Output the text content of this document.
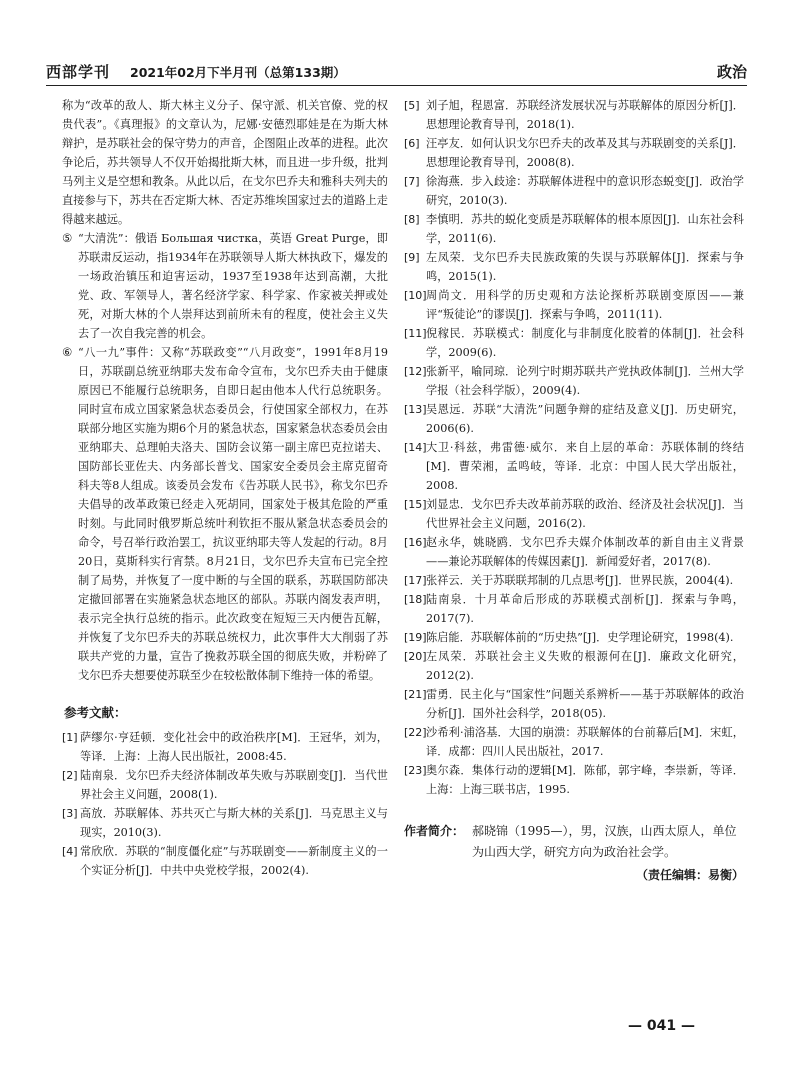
西部学刊 2021年02月下半月刊（总第133期）	政治

称为“改革的敌人、斯大林主义分子、保守派、机关官僚、党的权贵代表”。《真理报》的文章认为，尼娜·安德烈耶娃是在为斯大林辩护，是苏联社会的保守势力的声音，企图阻止改革的进程。此次争论后，苏共领导人不仅开始揭批斯大林，而且进一步升级，批判马列主义是空想和教条。从此以后，在戈尔巴乔夫和雅科夫列夫的直接参与下，苏共在否定斯大林、否定苏维埃国家过去的道路上走得越来越远。

⑤ “大清洗”：俄语 Большая чистка，英语 Great Purge，即苏联肃反运动，指1934年在苏联领导人斯大林执政下，爆发的一场政治镇压和迫害运动，1937至1938年达到高潮，大批党、政、军领导人，著名经济学家、科学家、作家被关押或处死，对斯大林的个人崇拜达到前所未有的程度，使社会主义失去了一次自我完善的机会。

⑥ “八一九”事件：又称“苏联政变”“八月政变”，1991年8月19日，苏联副总统亚纳耶夫发布命令宣布，戈尔巴乔夫由于健康原因已不能履行总统职务，自即日起由他本人代行总统职务。同时宣布成立国家紧急状态委员会，行使国家全部权力，在苏联部分地区实施为期6个月的紧急状态，国家紧急状态委员会由亚纳耶夫、总理帕夫洛夫、国防会议第一副主席巴克拉诺夫、国防部长亚佐夫、内务部长普戈、国家安全委员会主席克留奇科夫等8人组成。该委员会发布《告苏联人民书》，称戈尔巴乔夫倡导的改革政策已经走入死胡同，国家处于极其危险的严重时刻。与此同时俄罗斯总统叶利钦拒不服从紧急状态委员会的命令，号召举行政治罢工，抗议亚纳耶夫等人发起的行动。8月20日，莫斯科实行宵禁。8月21日，戈尔巴乔夫宣布已完全控制了局势，并恢复了一度中断的与全国的联系，苏联国防部决定撤回部署在实施紧急状态地区的部队。苏联内阁发表声明，表示完全执行总统的指示。此次政变在短短三天内便告瓦解，并恢复了戈尔巴乔夫的苏联总统权力，此次事件大大削弱了苏联共产党的力量，宣告了挽救苏联全国的彻底失败，并粉碎了戈尔巴乔夫想要使苏联至少在较松散体制下维持一体的希望。

参考文献：

[1] 萨缪尔·亨廷顿．变化社会中的政治秩序[M]．王冠华，刘为，等译．上海：上海人民出版社，2008:45.

[2] 陆南泉．戈尔巴乔夫经济体制改革失败与苏联剧变[J]．当代世界社会主义问题，2008(1).

[3] 高放．苏联解体、苏共灭亡与斯大林的关系[J]．马克思主义与现实，2010(3).

[4] 常欣欣．苏联的“制度僵化症”与苏联剧变——新制度主义的一个实证分析[J]．中共中央党校学报，2002(4).

[5] 刘子旭，程恩富．苏联经济发展状况与苏联解体的原因分析[J]．思想理论教育导刊，2018(1).

[6] 汪亭友．如何认识戈尔巴乔夫的改革及其与苏联剧变的关系[J]．思想理论教育导刊，2008(8).

[7] 徐海燕．步入歧途：苏联解体进程中的意识形态蜕变[J]．政治学研究，2010(3).

[8] 李慎明．苏共的蜕化变质是苏联解体的根本原因[J]．山东社会科学，2011(6).

[9] 左凤荣．戈尔巴乔夫民族政策的失误与苏联解体[J]．探索与争鸣，2015(1).

[10] 周尚文．用科学的历史观和方法论探析苏联剧变原因——兼评“叛徒论”的谬误[J]．探索与争鸣，2011(11).

[11] 倪稼民．苏联模式：制度化与非制度化胶着的体制[J]．社会科学，2009(6).

[12] 张新平，喻同琼．论列宁时期苏联共产党执政体制[J]．兰州大学学报（社会科学版），2009(4).

[13] 吴恩远．苏联“大清洗”问题争辩的症结及意义[J]．历史研究，2006(6).

[14] 大卫·科兹，弗雷德·威尔．来自上层的革命：苏联体制的终结[M]．曹荣湘，孟鸣岐，等译．北京：中国人民大学出版社，2008.

[15] 刘显忠．戈尔巴乔夫改革前苏联的政治、经济及社会状况[J]．当代世界社会主义问题，2016(2).

[16] 赵永华，姚晓鸥．戈尔巴乔夫媒介体制改革的新自由主义背景——兼论苏联解体的传媒因素[J]．新闻爱好者，2017(8).

[17] 张祥云．关于苏联联邦制的几点思考[J]．世界民族，2004(4).

[18] 陆南泉．十月革命后形成的苏联模式剖析[J]．探索与争鸣，2017(7).

[19] 陈启能．苏联解体前的“历史热”[J]．史学理论研究，1998(4).

[20] 左凤荣．苏联社会主义失败的根源何在[J]．廉政文化研究，2012(2).

[21] 雷勇．民主化与“国家性”问题关系辨析——基于苏联解体的政治分析[J]．国外社会科学，2018(05).

[22] 沙希利·浦洛基．大国的崩溃：苏联解体的台前幕后[M]．宋虹，译．成都：四川人民出版社，2017.

[23] 奥尔森．集体行动的逻辑[M]．陈郁，郭宇峰，李崇新，等译．上海：上海三联书店，1995.

作者简介： 郝晓锦（1995—），男，汉族，山西太原人，单位为山西大学，研究方向为政治社会学。
（责任编辑：易衡）
— 041 —
